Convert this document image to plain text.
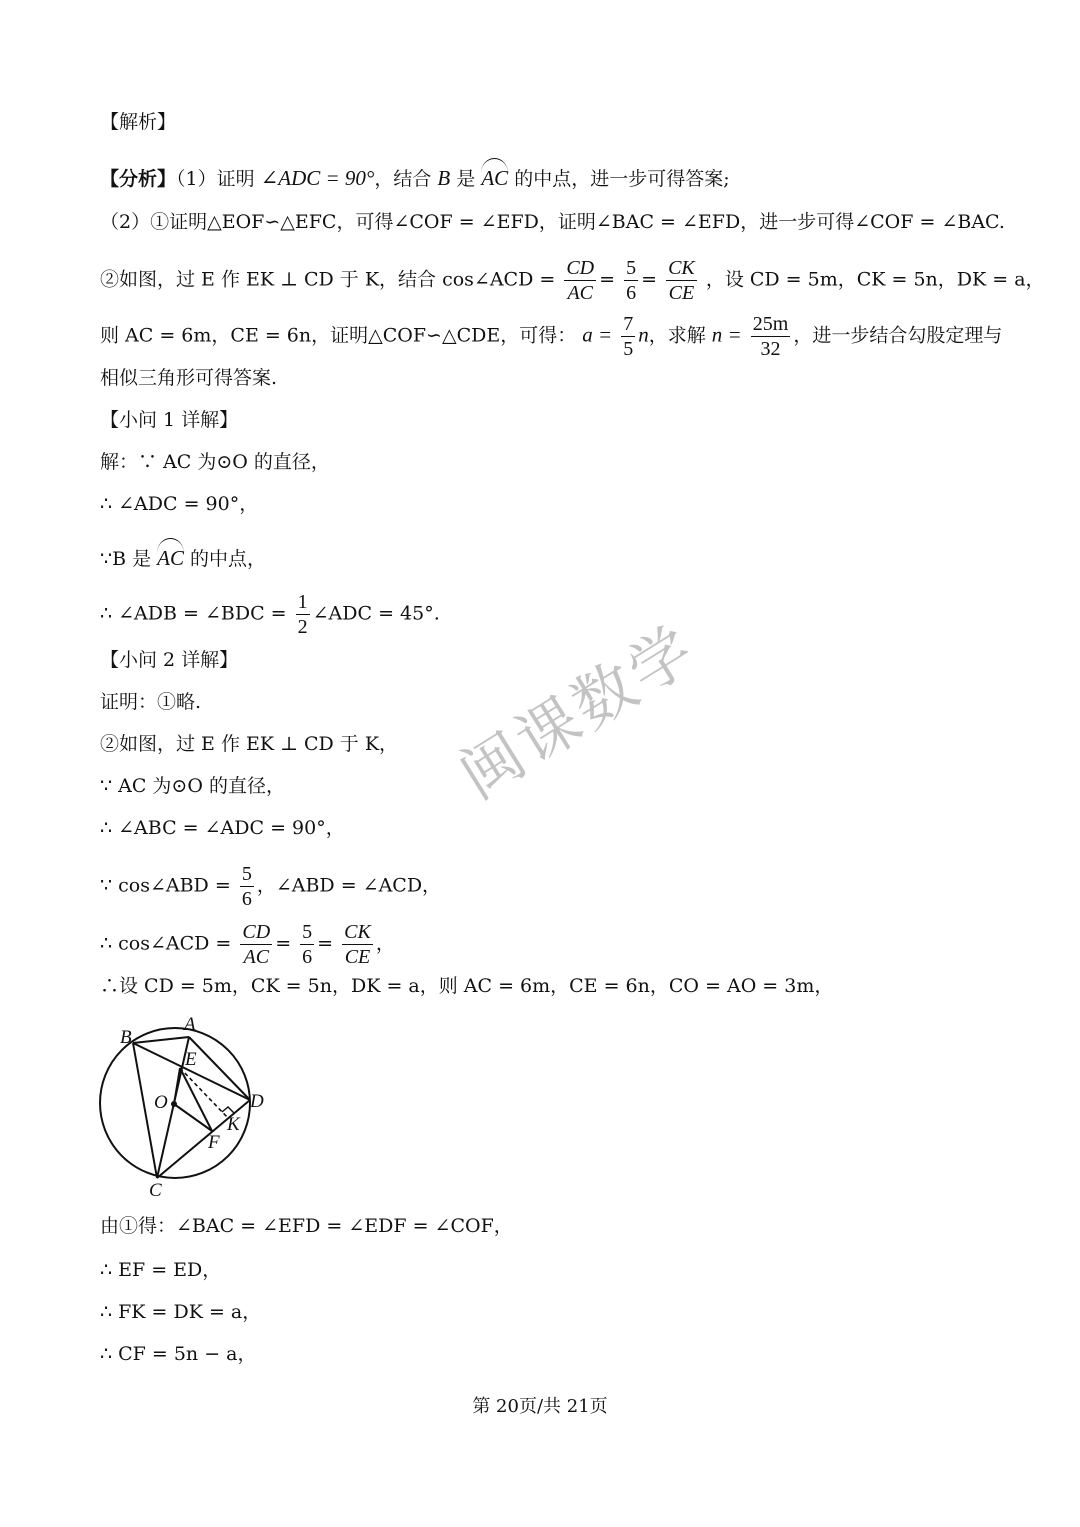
【解析】
【分析】（1）证明 ∠ADC = 90°，结合 B 是 AC 的中点，进一步可得答案;
（2）①证明△EOF∽△EFC，可得∠COF = ∠EFD，证明∠BAC = ∠EFD，进一步可得∠COF = ∠BAC.
②如图，过 E 作 EK ⊥ CD 于 K，结合 cos∠ACD = $\frac{CD}{AC} = \frac{5}{6} = \frac{CK}{CE}$ ，设 CD = 5m，CK = 5n，DK = a，
则 AC = 6m，CE = 6n，证明△COF∽△CDE，可得： $a = \frac{7}{5}$ n，求解 $n = \frac{25m}{32}$ ，进一步结合勾股定理与
相似三角形可得答案.
【小问 1 详解】
解：∵ AC 为⊙O 的直径，
∴ ∠ADC = 90°，
∵B 是 AC 的中点，
∴ ∠ADB = ∠BDC = $\frac{1}{2}$ ∠ADC = 45°.
【小问 2 详解】
证明：①略.
②如图，过 E 作 EK ⊥ CD 于 K，
∵ AC 为⊙O 的直径，
∴ ∠ABC = ∠ADC = 90°，
∵ cos∠ABD = $\frac{5}{6}$ ，∠ABD = ∠ACD，
∴ cos∠ACD = $\frac{CD}{AC} = \frac{5}{6} = \frac{CK}{CE}$ ，
∴设 CD = 5m，CK = 5n，DK = a，则 AC = 6m，CE = 6n，CO = AO = 3m，
B
A
E
O	D
K
F
C
由①得：∠BAC = ∠EFD = ∠EDF = ∠COF，
∴ EF = ED，
∴ FK = DK = a，
∴ CF = 5n − a，
闽课数学
第 20页/共 21页
